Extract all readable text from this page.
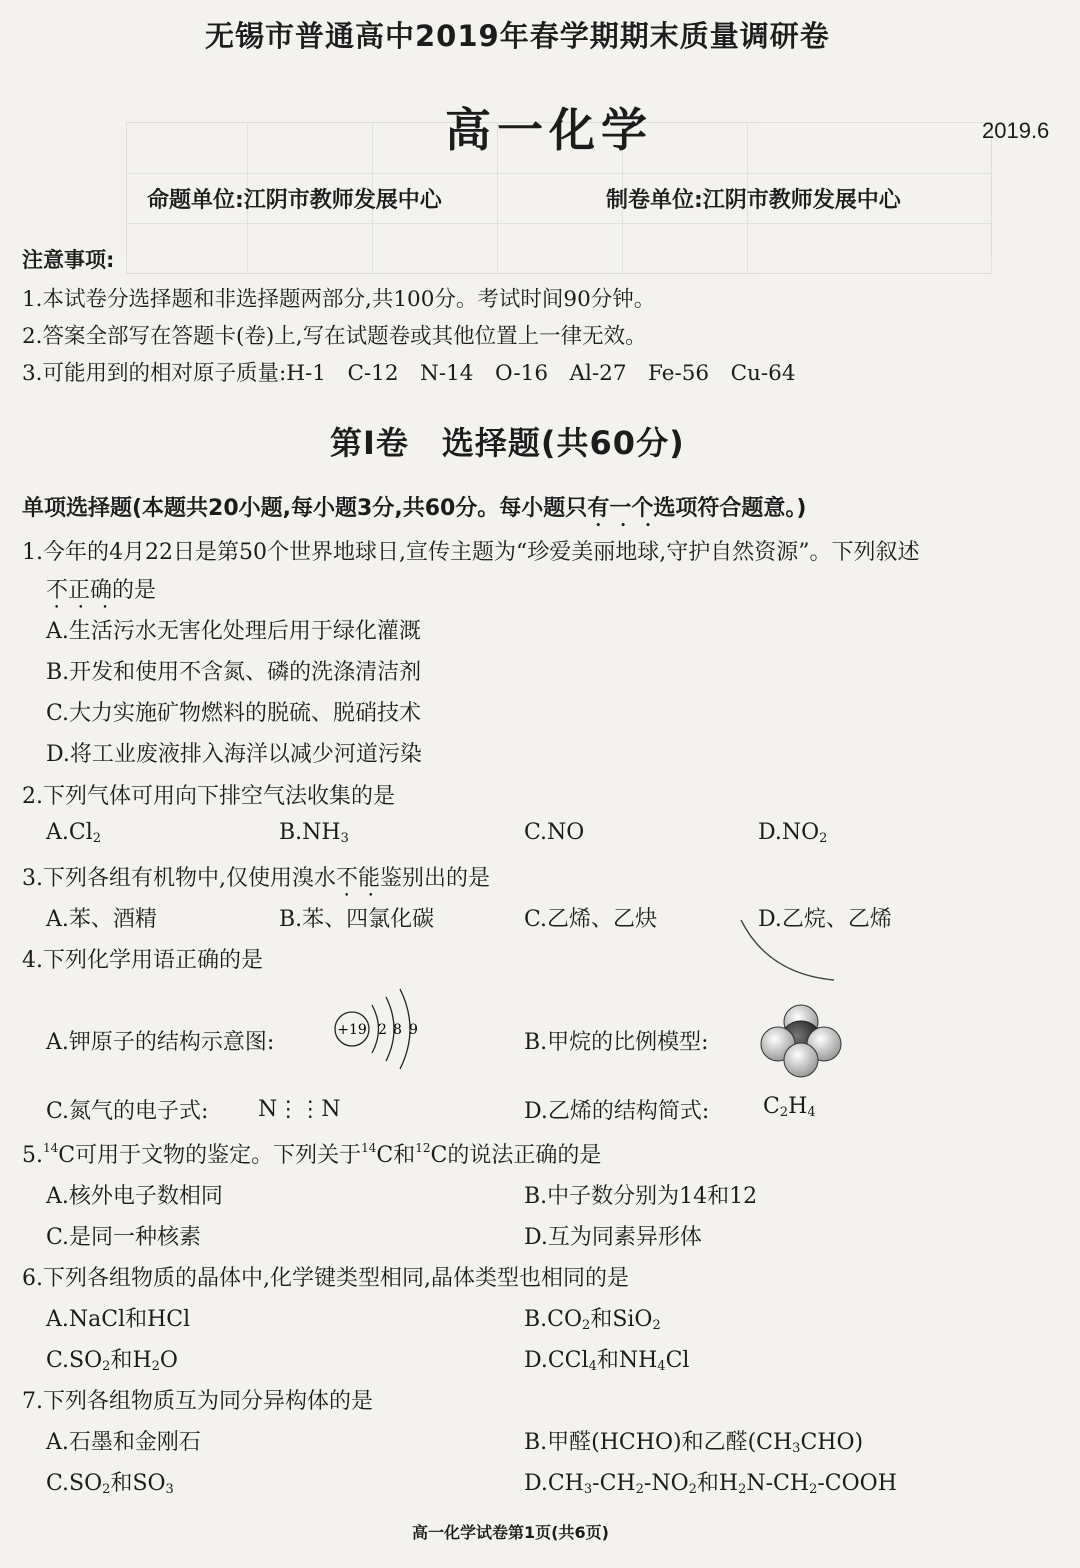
无锡市普通高中2019年春学期期末质量调研卷
高一化学	2019.6
命题单位:江阴市教师发展中心	制卷单位:江阴市教师发展中心
注意事项:
1.本试卷分选择题和非选择题两部分,共100分。考试时间90分钟。
2.答案全部写在答题卡(卷)上,写在试题卷或其他位置上一律无效。
3.可能用到的相对原子质量:H-1　C-12　N-14　O-16　Al-27　Fe-56　Cu-64
第Ⅰ卷　选择题(共60分)
单项选择题(本题共20小题,每小题3分,共60分。每小题只有一个 • • •选项符合题意。)
1.今年的4月22日是第50个世界地球日,宣传主题为“珍爱美丽地球,守护自然资源”。下列叙述
不正确 • • •的是
A.生活污水无害化处理后用于绿化灌溉
B.开发和使用不含氮、磷的洗涤清洁剂
C.大力实施矿物燃料的脱硫、脱硝技术
D.将工业废液排入海洋以减少河道污染
2.下列气体可用向下排空气法收集的是
$A.Cl_2$	$B.NH_3$	C.NO	$D.NO_2$
3.下列各组有机物中,仅使用溴水不能 • •鉴别出的是
A.苯、酒精	B.苯、四氯化碳	C.乙烯、乙炔	D.乙烷、乙烯
4.下列化学用语正确的是
A.钾原子的结构示意图:	+19 2 8 9	B.甲烷的比例模型:
C.氮气的电子式: N⋮⋮N	D.乙烯的结构简式: $C_2H_4$
5.14C可用于文物的鉴定。下列关于$^{14}$C和$^{12}$C的说法正确的是
A.核外电子数相同	B.中子数分别为14和12
C.是同一种核素	D.互为同素异形体
6.下列各组物质的晶体中,化学键类型相同,晶体类型也相同的是
A.NaCl和HCl	$B.CO_2$和SiO$_2$
$C.SO_2$和$H_2O$	D.CCl$_4$和$NH_4Cl$
7.下列各组物质互为同分异构体的是
A.石墨和金刚石	B.甲醛(HCHO)和乙醛$(CH_3CHO)$
$C.SO_2$和$SO_3$	$D.CH_3-CH_2-NO_2$和$H_2N-CH_2$-COOH
高一化学试卷第1页(共6页)
